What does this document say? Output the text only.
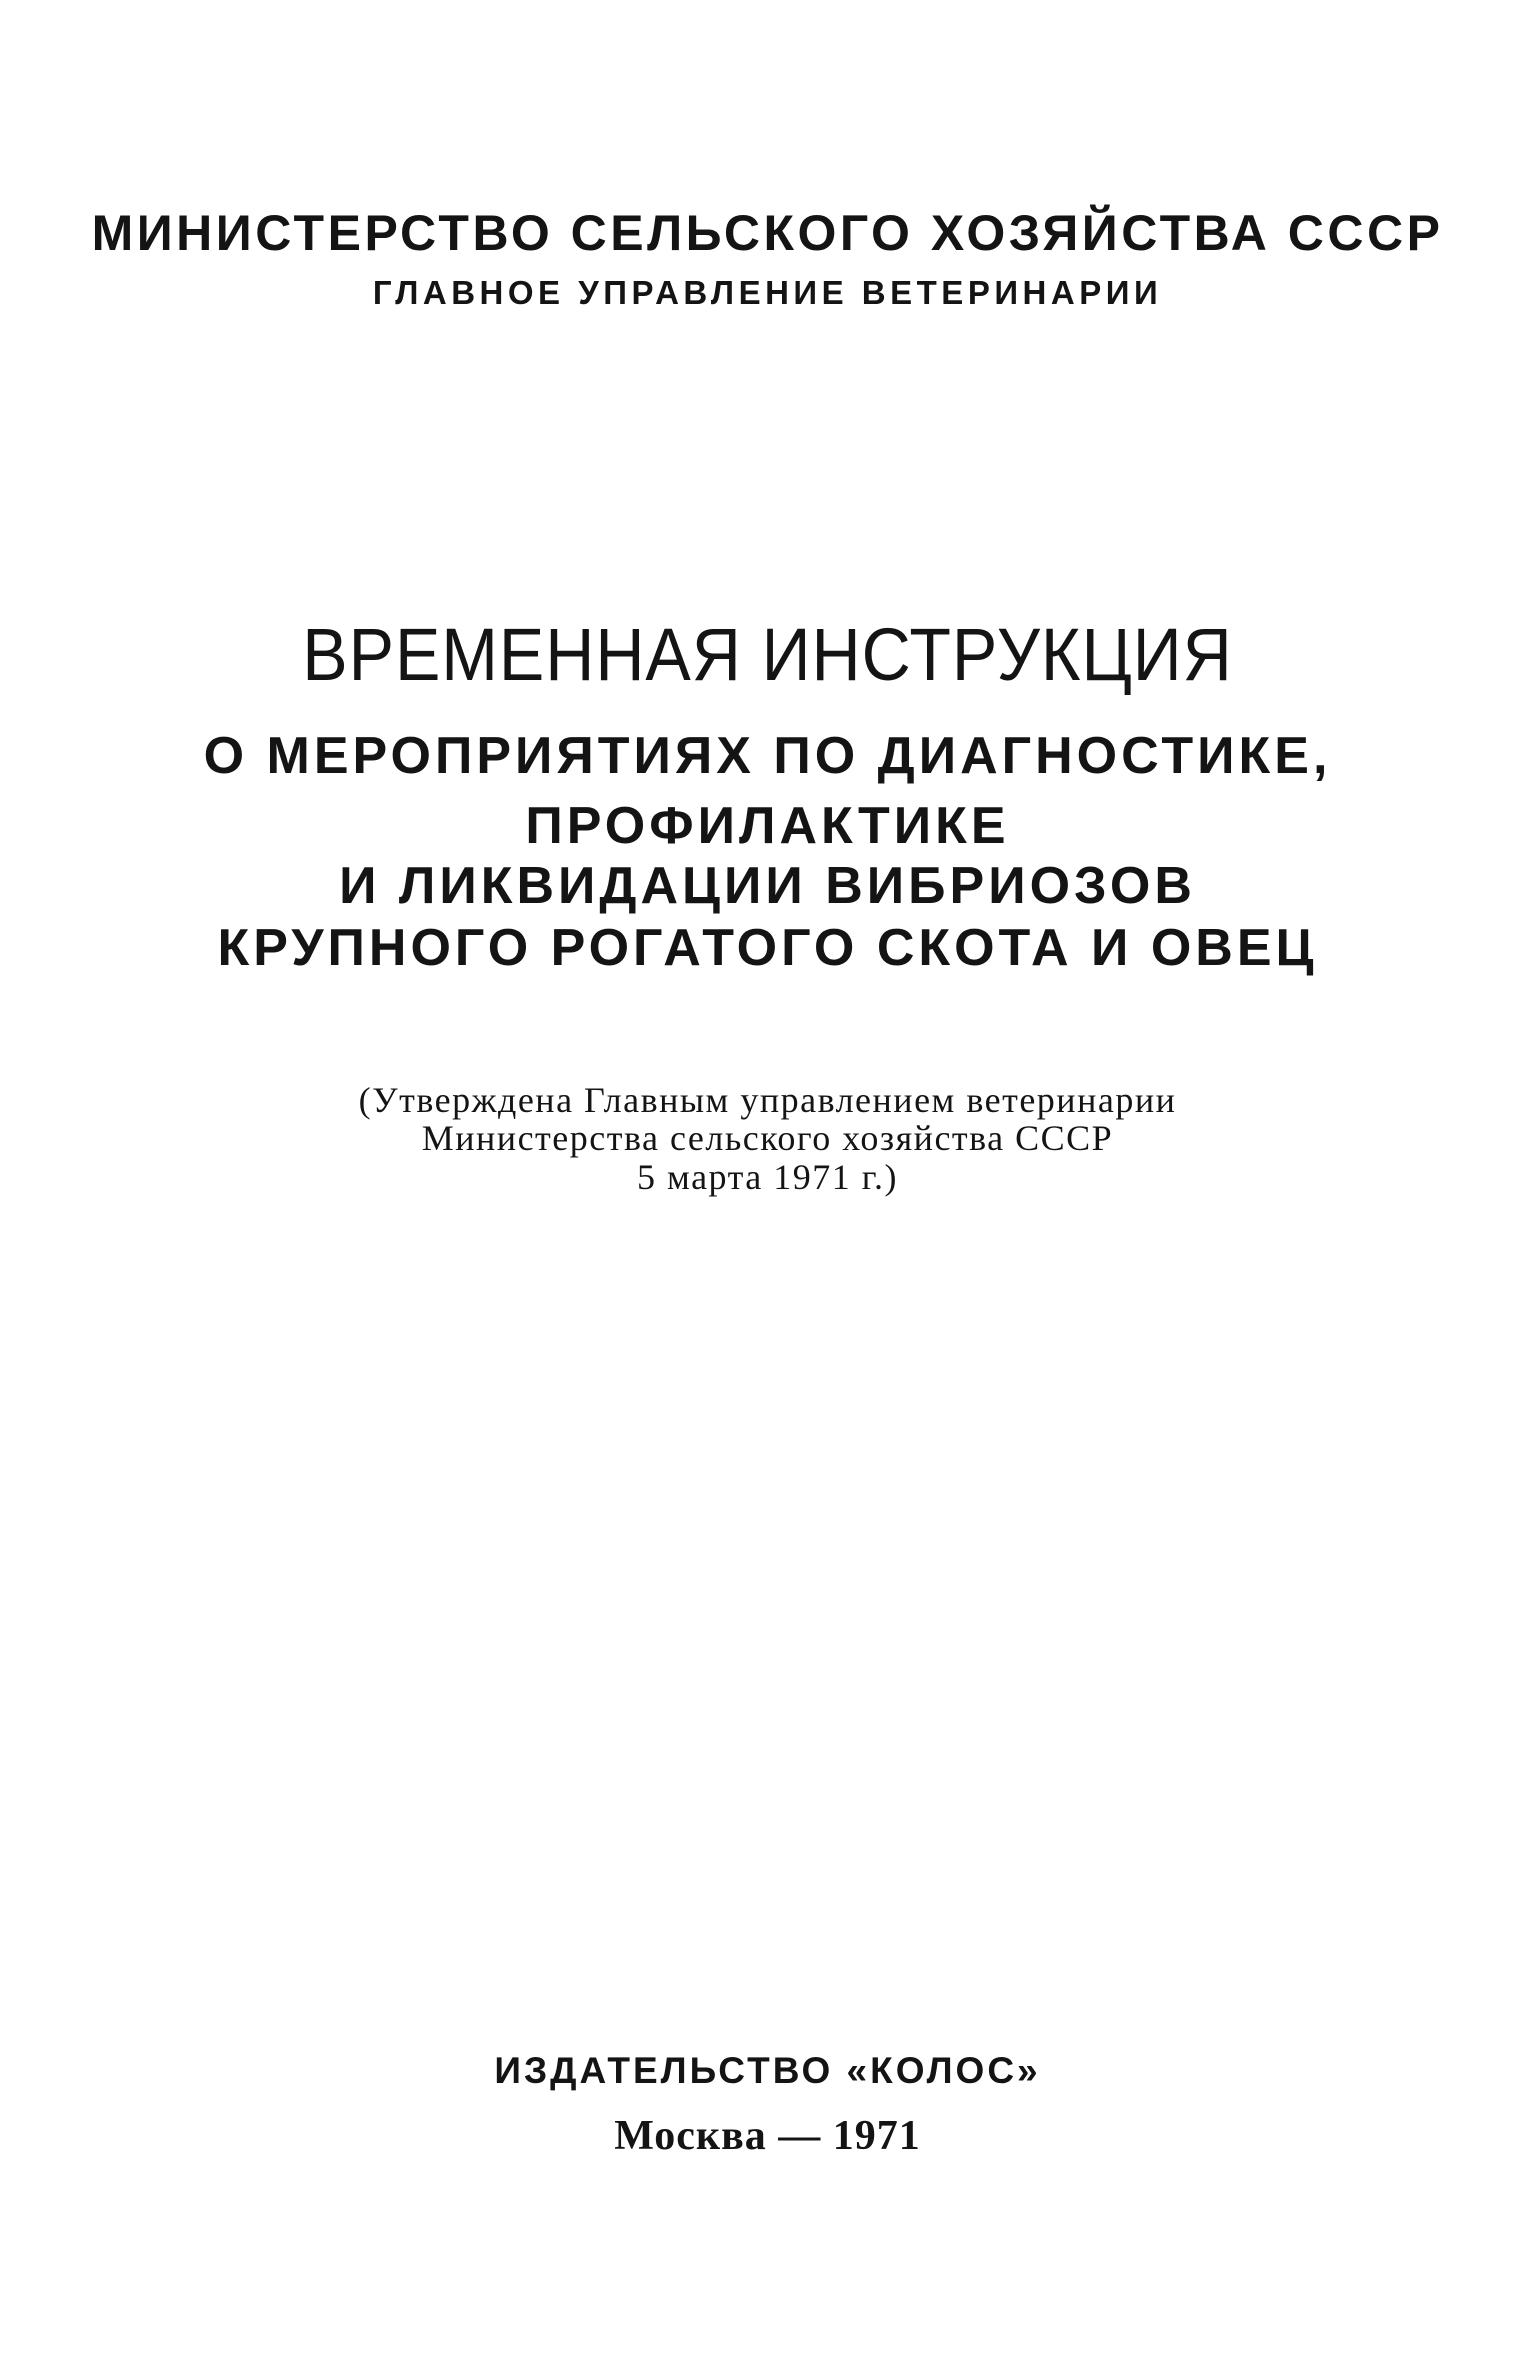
МИНИСТЕРСТВО СЕЛЬСКОГО ХОЗЯЙСТВА СССР
ГЛАВНОЕ УПРАВЛЕНИЕ ВЕТЕРИНАРИИ
ВРЕМЕННАЯ ИНСТРУКЦИЯ
О МЕРОПРИЯТИЯХ ПО ДИАГНОСТИКЕ,
ПРОФИЛАКТИКЕ
И ЛИКВИДАЦИИ ВИБРИОЗОВ
КРУПНОГО РОГАТОГО СКОТА И ОВЕЦ
(Утверждена Главным управлением ветеринарии
Министерства сельского хозяйства СССР
5 марта 1971 г.)
ИЗДАТЕЛЬСТВО «КОЛОС»
Москва — 1971
